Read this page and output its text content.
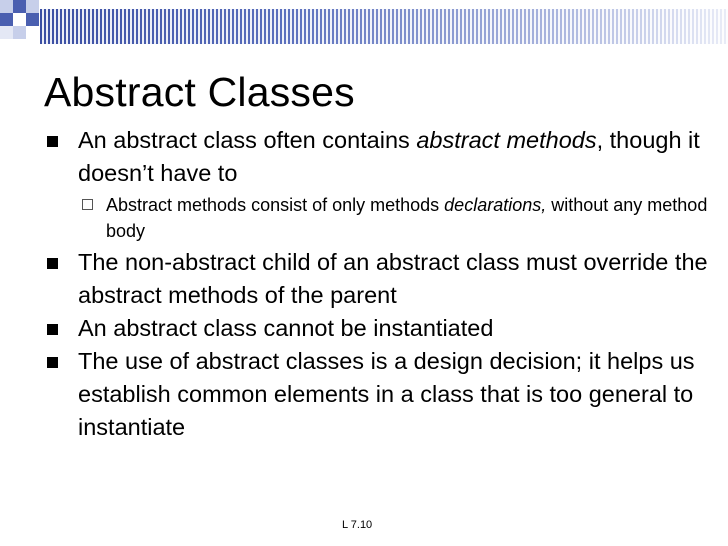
Abstract Classes
An abstract class often contains abstract methods, though it doesn’t have to
Abstract methods consist of only methods declarations, without any method body
The non-abstract child of an abstract class must override the abstract methods of the parent
An abstract class cannot be instantiated
The use of abstract classes is a design decision; it helps us establish common elements in a class that is too general to instantiate
L 7.10
